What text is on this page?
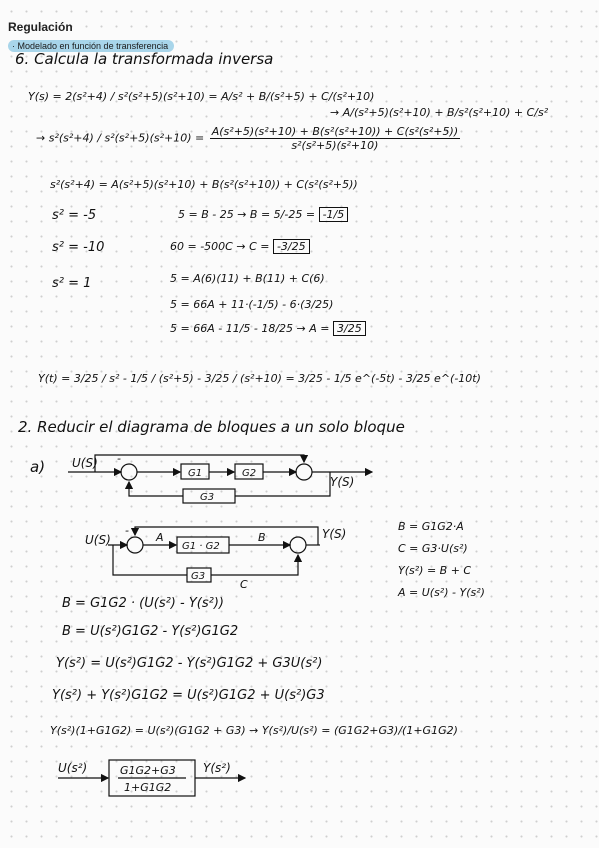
Regulación
· Modelado en función de transferencia
6. Calcula la transformada inversa
Y(s) = 2(s²+4) / s²(s²+5)(s²+10) = A/s² + B/(s²+5) + C/(s²+10)
→ A/(s²+5)(s²+10) + B/s²(s²+10) + C/s²
→ $s^2(s^2+4) / s^2(s^2+5)(s^2+10) = \frac{\text{A(s²+5)(s²+10) + B(s²(s²+10)) + C(s²(s²+5))}}{\text{s²(s²+5)(s²+10)}}$
s²(s²+4) = A(s²+5)(s²+10) + B(s²(s²+10)) + C(s²(s²+5))
s² = -5	5 = B - 25 → B = 5/-25 = -1/5
s² = -10	60 = -500C → C = -3/25
s² = 1	5 = A(6)(11) + B(11) + C(6)
5 = 66A + 11·(-1/5) - 6·(3/25)
5 = 66A - 11/5 - 18/25 → A = 3/25
Y(t) = 3/25 / s² - 1/5 / (s²+5) - 3/25 / (s²+10) = 3/25 - 1/5 e^(-5t) - 3/25 e^(-10t)
2. Reducir el diagrama de bloques a un solo bloque
a) U(S) -
G1	G2
Y(S)
G3
U(S)
-
A
G1 · G2
B	Y(S)
G3
C
B = G1G2·A
C = G3·U(s²)
Y(s²) = B + C
A = U(s²) - Y(s²)
B = G1G2 · (U(s²) - Y(s²))
B = U(s²)G1G2 - Y(s²)G1G2
Y(s²) = U(s²)G1G2 - Y(s²)G1G2 + G3U(s²)
Y(s²) + Y(s²)G1G2 = U(s²)G1G2 + U(s²)G3
Y(s²)(1+G1G2) = U(s²)(G1G2 + G3) → Y(s²)/U(s²) = (G1G2+G3)/(1+G1G2)
U(s²)	G1G2+G3
1+G1G2
Y(s²)
